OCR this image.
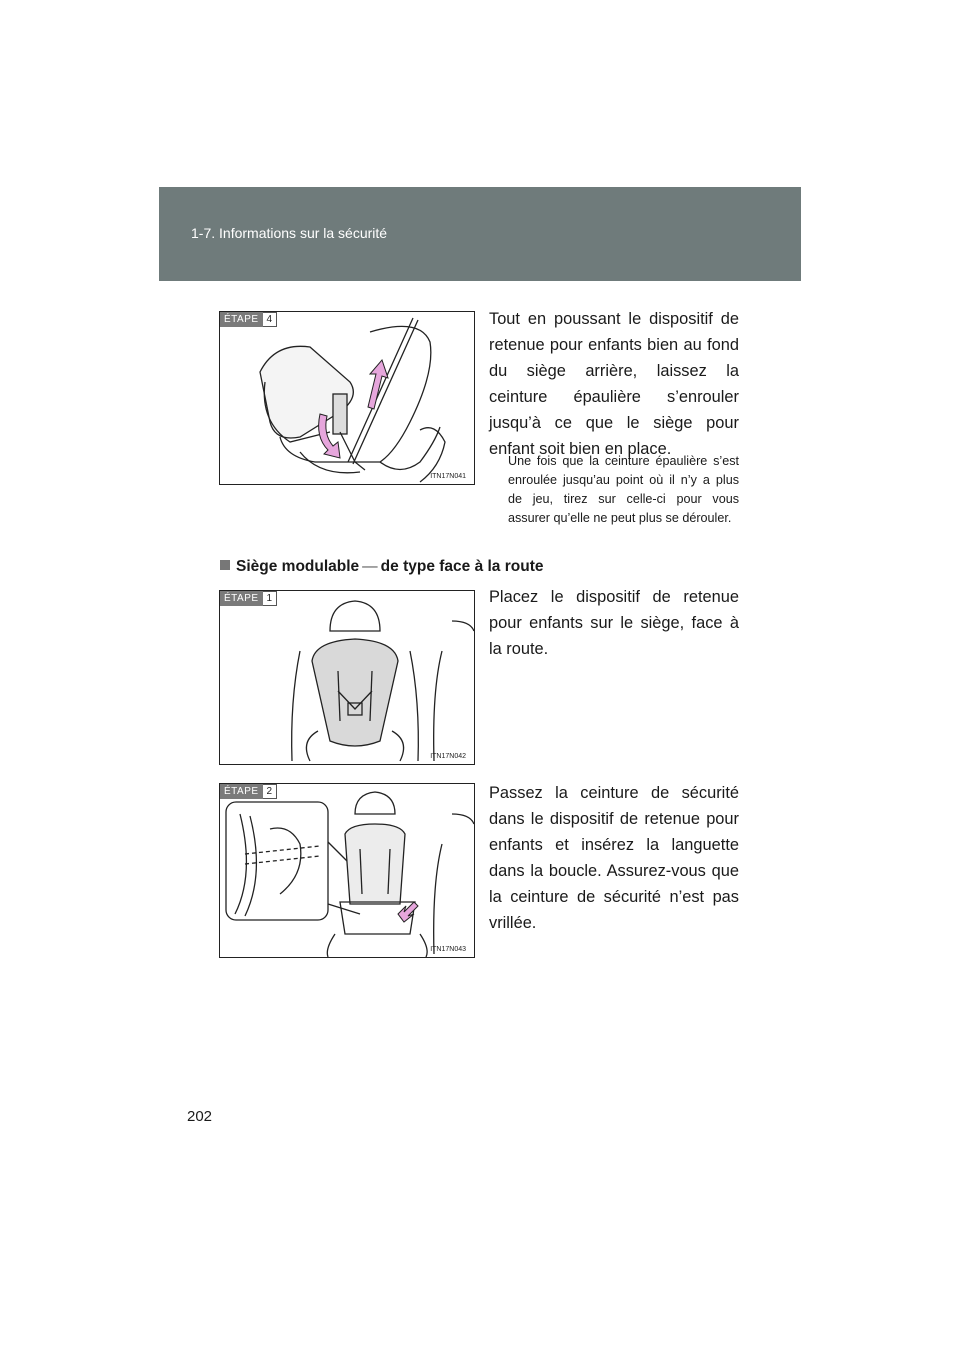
1-7. Informations sur la sécurité
ÉTAPE 4
ITN17N041

Tout en poussant le dispositif de retenue pour enfants bien au fond du siège arrière, laissez la ceinture épaulière s’enrouler jusqu’à ce que le siège pour enfant soit bien en place.

Une fois que la ceinture épaulière s’est enroulée jusqu’au point où il n’y a plus de jeu, tirez sur celle-ci pour vous assurer qu’elle ne peut plus se dérouler.

Siège modulable — de type face à la route
ÉTAPE 1
ITN17N042

Placez le dispositif de retenue pour enfants sur le siège, face à la route.

ÉTAPE 2
ITN17N043

Passez la ceinture de sécurité dans le dispositif de retenue pour enfants et insérez la languette dans la boucle. Assurez-vous que la ceinture de sécurité n’est pas vrillée.

202
